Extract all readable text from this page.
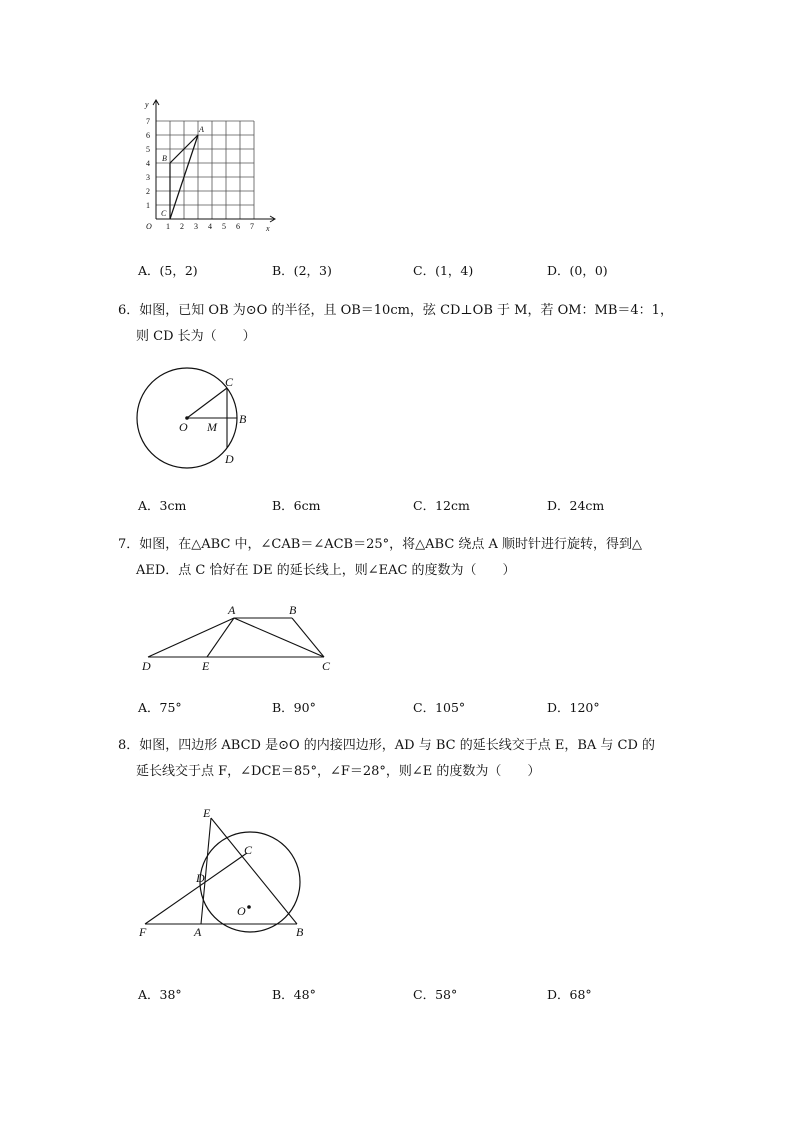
1 2 3 4 5 6 7
1
2
3
4
5
6
7
O	x
y
A
B
C
A．(5，2)	B．(2，3)	C．(1，4)	D．(0，0)
6．如图，已知 OB 为⊙O 的半径，且 OB＝10cm，弦 CD⊥OB 于 M，若 OM：MB＝4：1，
则 CD 长为（　　）
C
B
O M
D
A．3cm	B．6cm	C．12cm	D．24cm
7．如图，在△ABC 中，∠CAB＝∠ACB＝25°，将△ABC 绕点 A 顺时针进行旋转，得到△
AED．点 C 恰好在 DE 的延长线上，则∠EAC 的度数为（　　）
A	B
D	E	C
A．75°	B．90°	C．105°	D．120°
8．如图，四边形 ABCD 是⊙O 的内接四边形，AD 与 BC 的延长线交于点 E，BA 与 CD 的
延长线交于点 F，∠DCE＝85°，∠F＝28°，则∠E 的度数为（　　）
E
C
D
O
F	A	B
A．38°	B．48°	C．58°	D．68°
